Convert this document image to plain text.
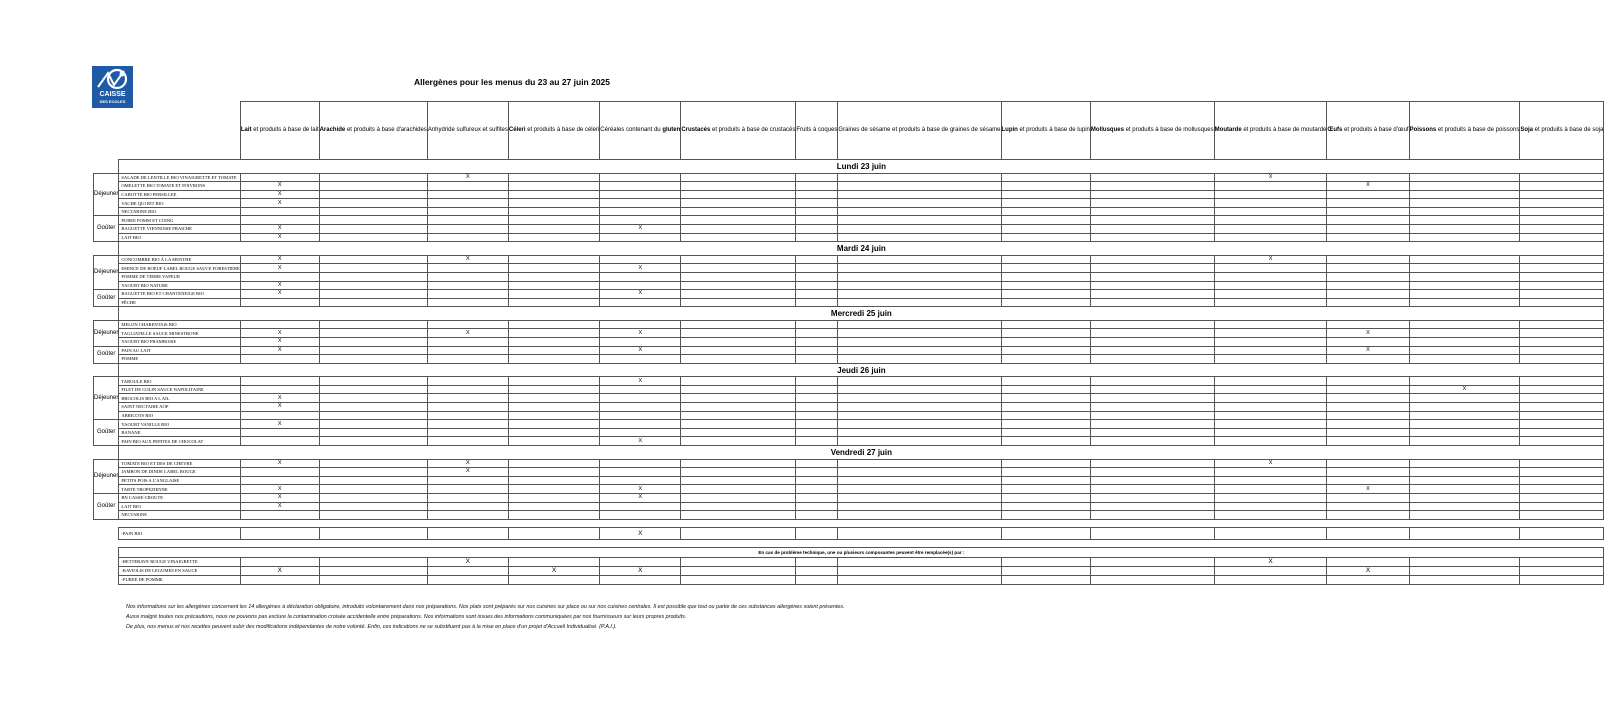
CAISSE
DES ECOLES
Allergènes pour les menus du 23 au 27 juin 2025
		Lait et produits à base de lait	Arachide et produits à base d'arachides	Anhydride sulfureux et sulfites	Céleri et produits à base de céleri	Céréales contenant du gluten	Crustacés et produits à base de crustacés	Fruits à coques	Graines de sésame et produits à base de graines de sésame	Lupin et produits à base de lupin	Mollusques et produits à base de mollusques	Moutarde et produits à base de moutarde	Œufs et produits à base d'œuf	Poissons et produits à base de poissons	Soja et produits à base de soja
	Lundi 23 juin														
Déjeuner	SALADE DE LENTILLE BIO VINAIGRETTE ET TOMATE			X								X			
	OMELETTE BIO TOMATE ET POIVRONS	X											X		
	CAROTTE BIO PERSILLEE	X													
	VACHE QUI RIT BIO	X													
	NECTARINE BIO														
Goûter	PUREE POMM ET COING														
	BAGUETTE VIENNOISE FRAICHE	X				X									
	LAIT BIO	X													
	Mardi 24 juin														
Déjeuner	CONCOMBRE BIO À LA MENTHE	X		X								X			
	EMINCE DE BOEUF LABEL ROUGE SAUCE FORESTIERE	X				X									
	POMME DE TERRE VAPEUR														
	YAOURT BIO NATURE	X													
Goûter	BAGUETTE BIO ET CHANTENEIGE BIO	X				X									
	PÊCHE														
	Mercredi 25 juin														
Déjeuner	MELON CHARENTAIS BIO														
	TAGLIATELLE SAUCE MINESTRONE	X		X		X							X		
	YAOURT BIO FRAMBOISE	X													
Goûter	PAIN AU LAIT	X				X							X		
	POMME														
	Jeudi 26 juin														
Déjeuner	TABOULE BIO					X									
	FILET DE COLIN SAUCE NAPOLITAINE													X	
	BROCOLIS BIO A L AIL	X													
	SAINT NECTAIRE AOP	X													
	ABRICOTS BIO														
Goûter	YAOURT VANILLE BIO	X													
	BANANE														
	PAIN BIO AUX PEPITES DE CHOCOLAT					X									
	Vendredi 27 juin														
Déjeuner	TOMATE BIO ET DES DE CHEVRE	X		X								X			
	JAMBON DE DINDE LABEL ROUGE			X											
	PETITS POIS A L'ANGLAISE														
	TARTE TROPEZIENNE	X				X							X		
Goûter	BN CASSE-CROUTE	X				X									
	LAIT BIO	X													
	NECTARINE														

	-PAIN BIO					X									

	En cas de problème technique, une ou plusieurs composantes peuvent être remplacée(s) par :														
	-BETTERAVE ROUGE VINAIGRETTE			X								X			
	-RAVIOLIS DE LEGUMES EN SAUCE	X			X	X							X		
	-PUREE DE POMME														
Nos informations sur les allergènes concernent les 14 allergènes à déclaration obligatoire, introduits volontairement dans nos préparations. Nos plats sont préparés sur nos cuisines sur place ou sur nos cuisines centrales. Il est possible que tout ou partie de ces substances allergènes soient présentes.
Aussi malgré toutes nos précautions, nous ne pouvons pas exclure la contamination croisée accidentelle entre préparations. Nos informations sont issues des informations communiquées par nos fournisseurs sur leurs propres produits.
De plus, nos menus et nos recettes peuvent subir des modifications indépendantes de notre volonté. Enfin, ces indications ne se substituent pas à la mise en place d'un projet d'Accueil Individualisé. (P.A.I.).
